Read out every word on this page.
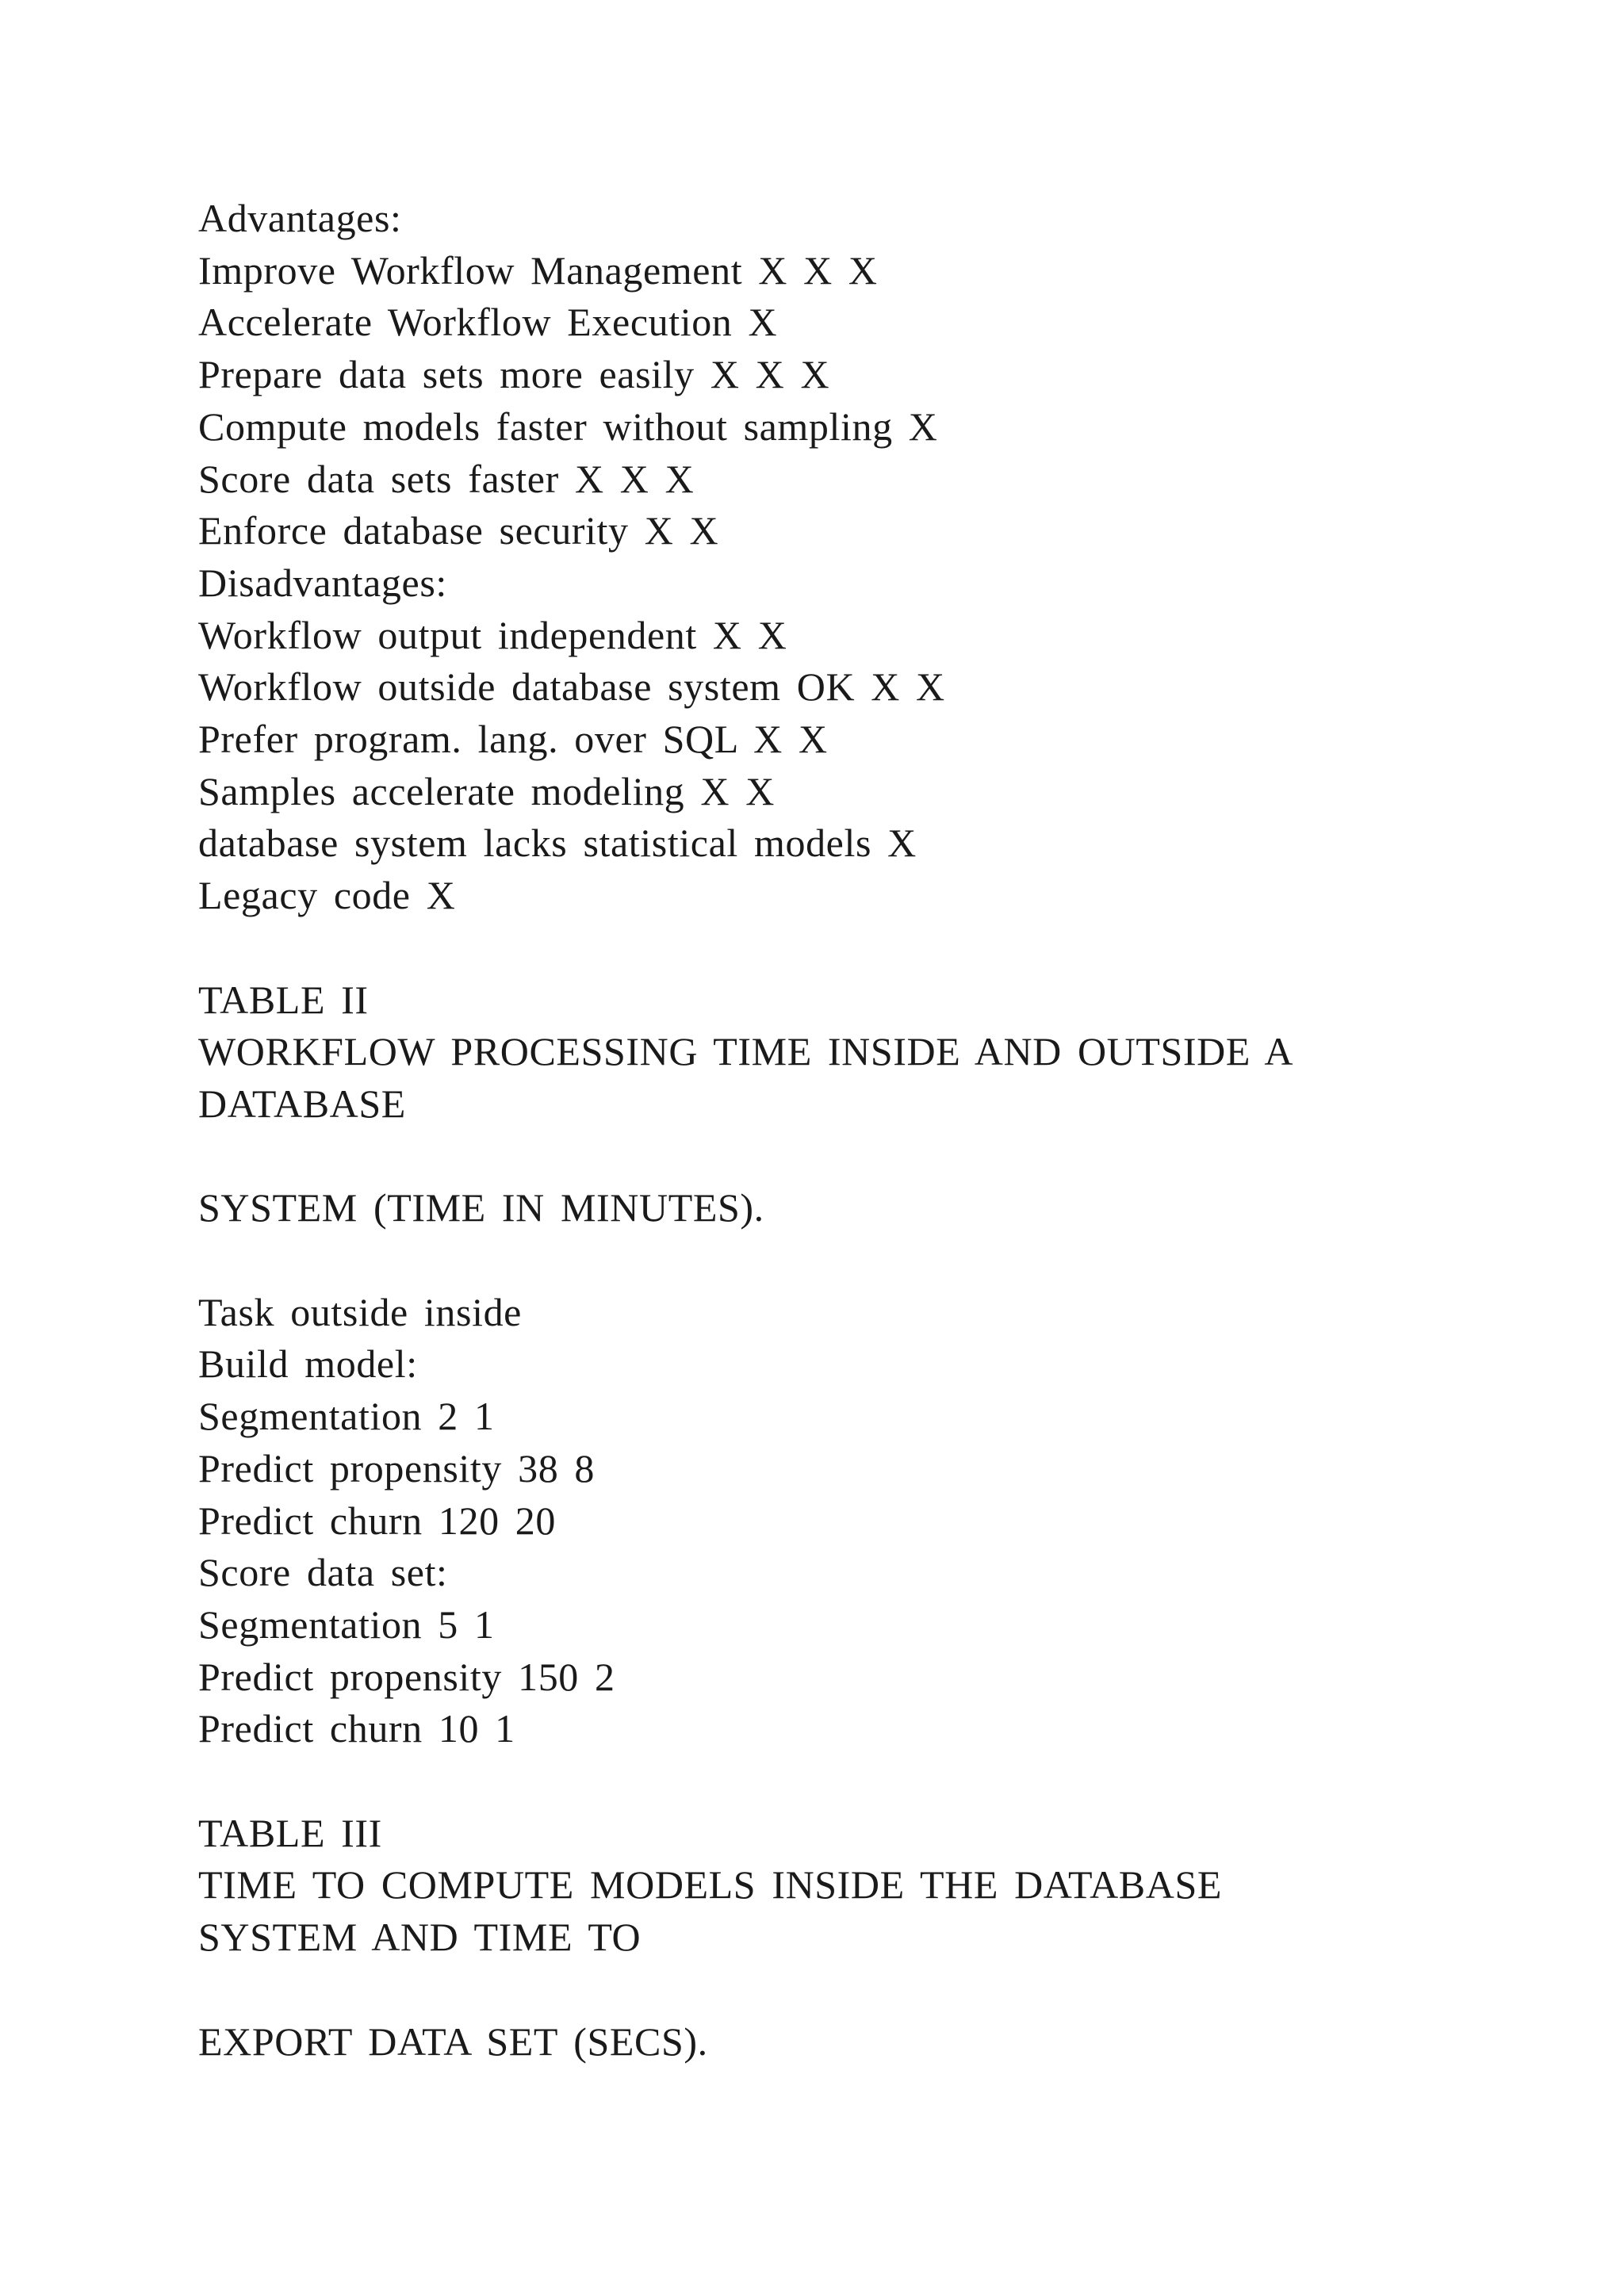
Advantages:
Improve Workflow Management X X X
Accelerate Workflow Execution X
Prepare data sets more easily X X X
Compute models faster without sampling X
Score data sets faster X X X
Enforce database security X X
Disadvantages:
Workflow output independent X X
Workflow outside database system OK X X
Prefer program. lang. over SQL X X
Samples accelerate modeling X X
database system lacks statistical models X
Legacy code X
TABLE II
WORKFLOW PROCESSING TIME INSIDE AND OUTSIDE A
DATABASE
SYSTEM (TIME IN MINUTES).
Task outside inside
Build model:
Segmentation 2 1
Predict propensity 38 8
Predict churn 120 20
Score data set:
Segmentation 5 1
Predict propensity 150 2
Predict churn 10 1
TABLE III
TIME TO COMPUTE MODELS INSIDE THE DATABASE
SYSTEM AND TIME TO
EXPORT DATA SET (SECS).
